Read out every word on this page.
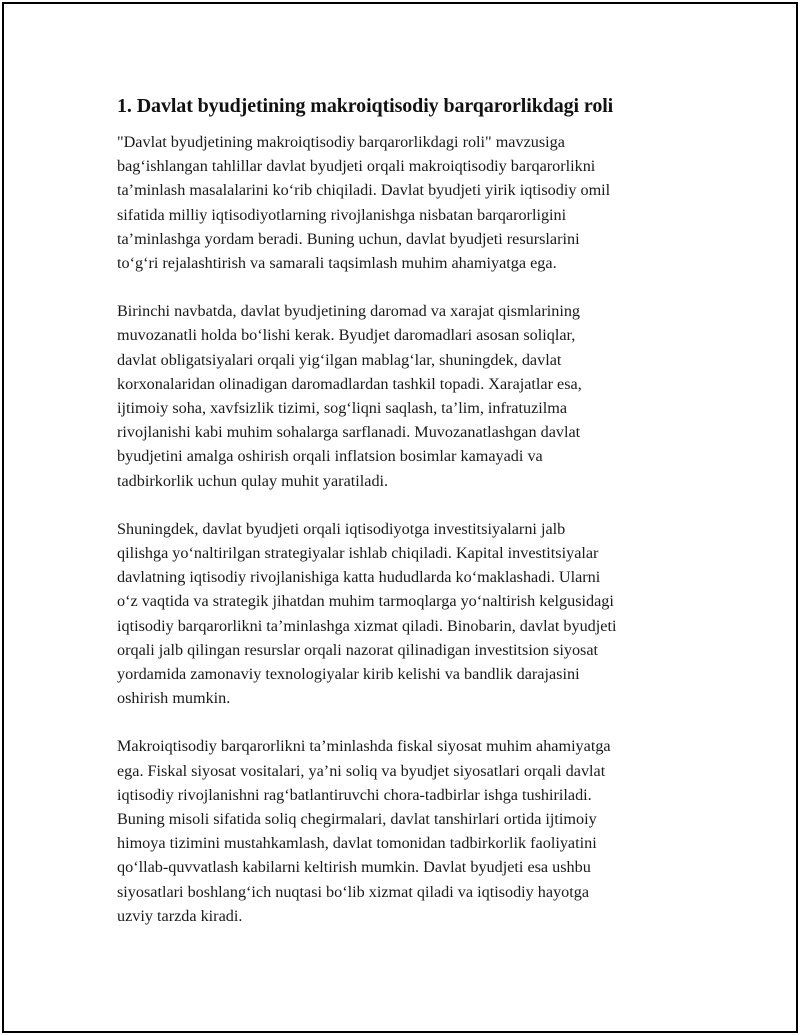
1. Davlat byudjetining makroiqtisodiy barqarorlikdagi roli

"Davlat byudjetining makroiqtisodiy barqarorlikdagi roli" mavzusiga
bag‘ishlangan tahlillar davlat byudjeti orqali makroiqtisodiy barqarorlikni
ta’minlash masalalarini ko‘rib chiqiladi. Davlat byudjeti yirik iqtisodiy omil
sifatida milliy iqtisodiyotlarning rivojlanishga nisbatan barqarorligini
ta’minlashga yordam beradi. Buning uchun, davlat byudjeti resurslarini
to‘g‘ri rejalashtirish va samarali taqsimlash muhim ahamiyatga ega.

Birinchi navbatda, davlat byudjetining daromad va xarajat qismlarining
muvozanatli holda bo‘lishi kerak. Byudjet daromadlari asosan soliqlar,
davlat obligatsiyalari orqali yig‘ilgan mablag‘lar, shuningdek, davlat
korxonalaridan olinadigan daromadlardan tashkil topadi. Xarajatlar esa,
ijtimoiy soha, xavfsizlik tizimi, sog‘liqni saqlash, ta’lim, infratuzilma
rivojlanishi kabi muhim sohalarga sarflanadi. Muvozanatlashgan davlat
byudjetini amalga oshirish orqali inflatsion bosimlar kamayadi va
tadbirkorlik uchun qulay muhit yaratiladi.

Shuningdek, davlat byudjeti orqali iqtisodiyotga investitsiyalarni jalb
qilishga yo‘naltirilgan strategiyalar ishlab chiqiladi. Kapital investitsiyalar
davlatning iqtisodiy rivojlanishiga katta hududlarda ko‘maklashadi. Ularni
o‘z vaqtida va strategik jihatdan muhim tarmoqlarga yo‘naltirish kelgusidagi
iqtisodiy barqarorlikni ta’minlashga xizmat qiladi. Binobarin, davlat byudjeti
orqali jalb qilingan resurslar orqali nazorat qilinadigan investitsion siyosat
yordamida zamonaviy texnologiyalar kirib kelishi va bandlik darajasini
oshirish mumkin.

Makroiqtisodiy barqarorlikni ta’minlashda fiskal siyosat muhim ahamiyatga
ega. Fiskal siyosat vositalari, ya’ni soliq va byudjet siyosatlari orqali davlat
iqtisodiy rivojlanishni rag‘batlantiruvchi chora-tadbirlar ishga tushiriladi.
Buning misoli sifatida soliq chegirmalari, davlat tanshirlari ortida ijtimoiy
himoya tizimini mustahkamlash, davlat tomonidan tadbirkorlik faoliyatini
qo‘llab-quvvatlash kabilarni keltirish mumkin. Davlat byudjeti esa ushbu
siyosatlari boshlang‘ich nuqtasi bo‘lib xizmat qiladi va iqtisodiy hayotga
uzviy tarzda kiradi.
